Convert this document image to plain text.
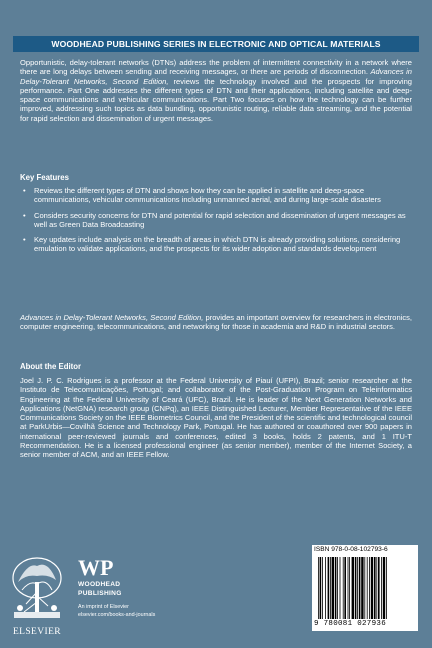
WOODHEAD PUBLISHING SERIES IN ELECTRONIC AND OPTICAL MATERIALS
Opportunistic, delay-tolerant networks (DTNs) address the problem of intermittent connectivity in a network where there are long delays between sending and receiving messages, or there are periods of disconnection. Advances in Delay-Tolerant Networks, Second Edition, reviews the technology involved and the prospects for improving performance. Part One addresses the different types of DTN and their applications, including satellite and deep-space communications and vehicular communications. Part Two focuses on how the technology can be further improved, addressing such topics as data bundling, opportunistic routing, reliable data streaming, and the potential for rapid selection and dissemination of urgent messages.
Key Features
• Reviews the different types of DTN and shows how they can be applied in satellite and deep-space communications, vehicular communications including unmanned aerial, and during large-scale disasters
• Considers security concerns for DTN and potential for rapid selection and dissemination of urgent messages as well as Green Data Broadcasting
• Key updates include analysis on the breadth of areas in which DTN is already providing solutions, considering emulation to validate applications, and the prospects for its wider adoption and standards development
Advances in Delay-Tolerant Networks, Second Edition, provides an important overview for researchers in electronics, computer engineering, telecommunications, and networking for those in academia and R&D in industrial sectors.
About the Editor
Joel J. P. C. Rodrigues is a professor at the Federal University of Piauí (UFPI), Brazil; senior researcher at the Instituto de Telecomunicações, Portugal; and collaborator of the Post-Graduation Program on Teleinformatics Engineering at the Federal University of Ceará (UFC), Brazil. He is leader of the Next Generation Networks and Applications (NetGNA) research group (CNPq), an IEEE Distinguished Lecturer, Member Representative of the IEEE Communications Society on the IEEE Biometrics Council, and the President of the scientific and technological council at ParkUrbis—Covilhã Science and Technology Park, Portugal. He has authored or coauthored over 900 papers in international peer-reviewed journals and conferences, edited 3 books, holds 2 patents, and 1 ITU-T Recommendation. He is a licensed professional engineer (as senior member), member of the Internet Society, a senior member of ACM, and an IEEE Fellow.
ELSEVIER
WP
WOODHEAD
PUBLISHING
An imprint of Elsevier
elsevier.com/books-and-journals
ISBN 978-0-08-102793-6
9 780081 027936
